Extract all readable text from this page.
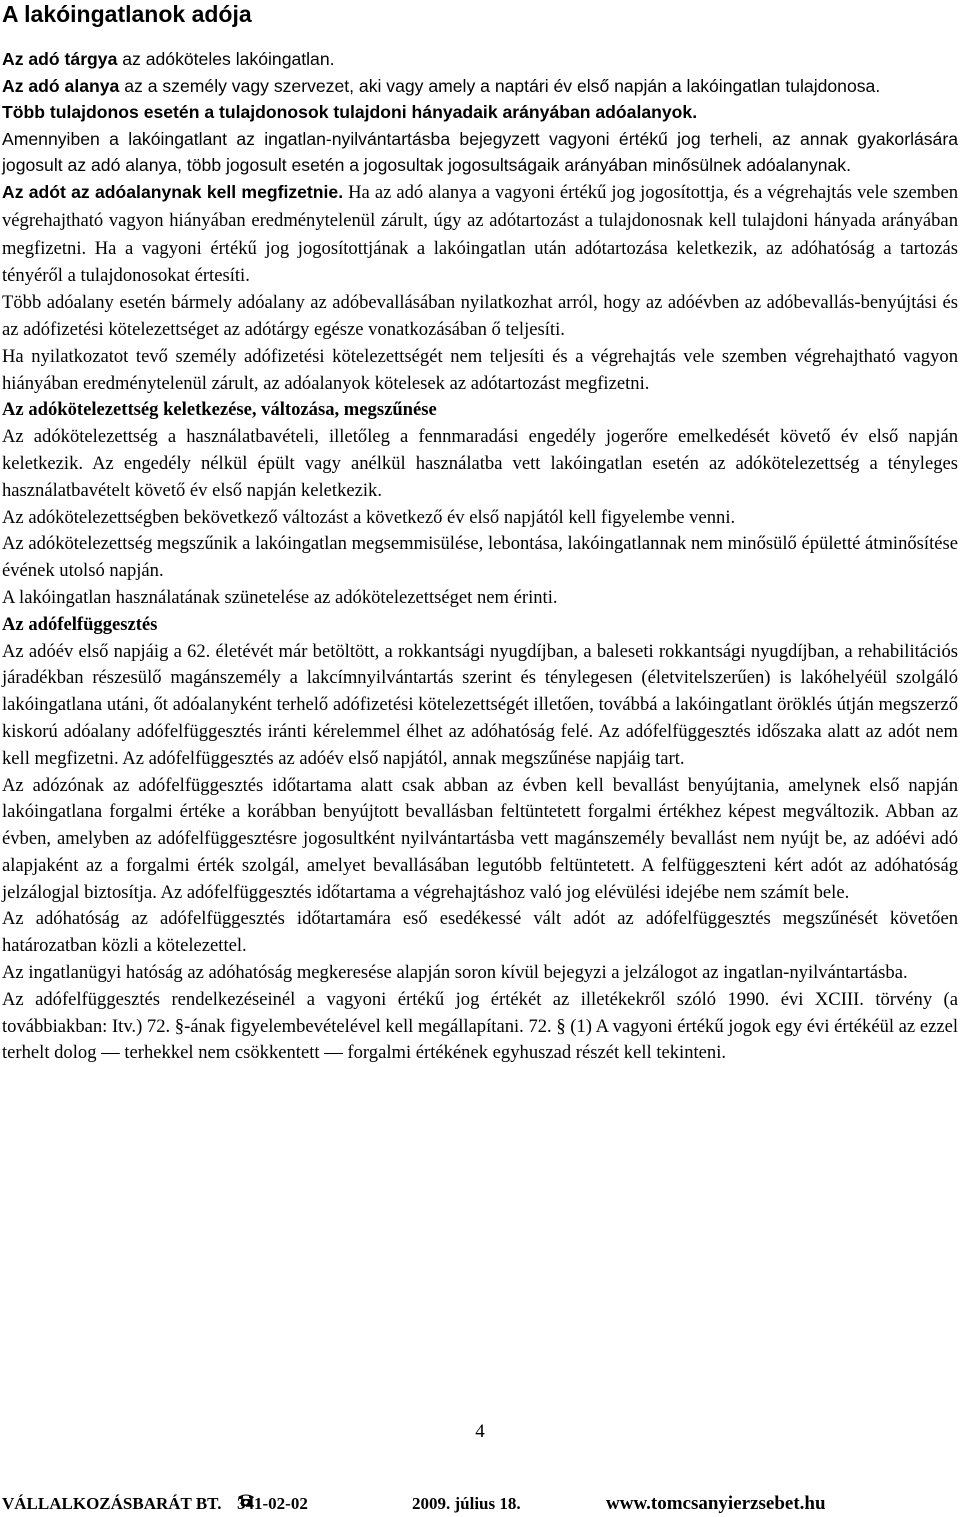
A lakóingatlanok adója

Az adó tárgya az adóköteles lakóingatlan.

Az adó alanya az a személy vagy szervezet, aki vagy amely a naptári év első napján a lakóingatlan tulajdonosa.

Több tulajdonos esetén a tulajdonosok tulajdoni hányadaik arányában adóalanyok.

Amennyiben a lakóingatlant az ingatlan-nyilvántartásba bejegyzett vagyoni értékű jog terheli, az annak gyakorlására jogosult az adó alanya, több jogosult esetén a jogosultak jogosultságaik arányában minősülnek adóalanynak.

Az adót az adóalanynak kell megfizetnie.

Ha az adó alanya a vagyoni értékű jog jogosítottja, és a végrehajtás vele szemben végrehajtható vagyon hiányában eredménytelenül zárult, úgy az adótartozást a tulajdonosnak kell tulajdoni hányada arányában megfizetni. Ha a vagyoni értékű jog jogosítottjának a lakóingatlan után adótartozása keletkezik, az adóhatóság a tartozás tényéről a tulajdonosokat értesíti.

Több adóalany esetén bármely adóalany az adóbevallásában nyilatkozhat arról, hogy az adóévben az adóbevallás-benyújtási és az adófizetési kötelezettséget az adótárgy egésze vonatkozásában ő teljesíti.

Ha nyilatkozatot tevő személy adófizetési kötelezettségét nem teljesíti és a végrehajtás vele szemben végrehajtható vagyon hiányában eredménytelenül zárult, az adóalanyok kötelesek az adótartozást megfizetni.

Az adókötelezettség keletkezése, változása, megszűnése

Az adókötelezettség a használatbavételi, illetőleg a fennmaradási engedély jogerőre emelkedését követő év első napján keletkezik. Az engedély nélkül épült vagy anélkül használatba vett lakóingatlan esetén az adókötelezettség a tényleges használatbavételt követő év első napján keletkezik.

Az adókötelezettségben bekövetkező változást a következő év első napjától kell figyelembe venni.

Az adókötelezettség megszűnik a lakóingatlan megsemmisülése, lebontása, lakóingatlannak nem minősülő épületté átminősítése évének utolsó napján.

A lakóingatlan használatának szünetelése az adókötelezettséget nem érinti.

Az adófelfüggesztés

Az adóév első napjáig a 62. életévét már betöltött, a rokkantsági nyugdíjban, a baleseti rokkantsági nyugdíjban, a rehabilitációs járadékban részesülő magánszemély a lakcímnyilvántartás szerint és ténylegesen (életvitelszerűen) is lakóhelyéül szolgáló lakóingatlana utáni, őt adóalanyként terhelő adófizetési kötelezettségét illetően, továbbá a lakóingatlant öröklés útján megszerző kiskorú adóalany adófelfüggesztés iránti kérelemmel élhet az adóhatóság felé. Az adófelfüggesztés időszaka alatt az adót nem kell megfizetni. Az adófelfüggesztés az adóév első napjától, annak megszűnése napjáig tart.

Az adózónak az adófelfüggesztés időtartama alatt csak abban az évben kell bevallást benyújtania, amelynek első napján lakóingatlana forgalmi értéke a korábban benyújtott bevallásban feltüntetett forgalmi értékhez képest megváltozik. Abban az évben, amelyben az adófelfüggesztésre jogosultként nyilvántartásba vett magánszemély bevallást nem nyújt be, az adóévi adó alapjaként az a forgalmi érték szolgál, amelyet bevallásában legutóbb feltüntetett. A felfüggeszteni kért adót az adóhatóság jelzálogjal biztosítja. Az adófelfüggesztés időtartama a végrehajtáshoz való jog elévülési idejébe nem számít bele.

Az adóhatóság az adófelfüggesztés időtartamára eső esedékessé vált adót az adófelfüggesztés megszűnését követően határozatban közli a kötelezettel.

Az ingatlanügyi hatóság az adóhatóság megkeresése alapján soron kívül bejegyzi a jelzálogot az ingatlan-nyilvántartásba.

Az adófelfüggesztés rendelkezéseinél a vagyoni értékű jog értékét az illetékekről szóló 1990. évi XCIII. törvény (a továbbiakban: Itv.) 72. §-ának figyelembevételével kell megállapítani. 72. § (1) A vagyoni értékű jogok egy évi értékéül az ezzel terhelt dolog — terhekkel nem csökkentett — forgalmi értékének egyhuszad részét kell tekinteni.

4
VÁLLALKOZÁSBARÁT BT. 341-02-02	2009. július 18.	www.tomcsanyierzsebet.hu
